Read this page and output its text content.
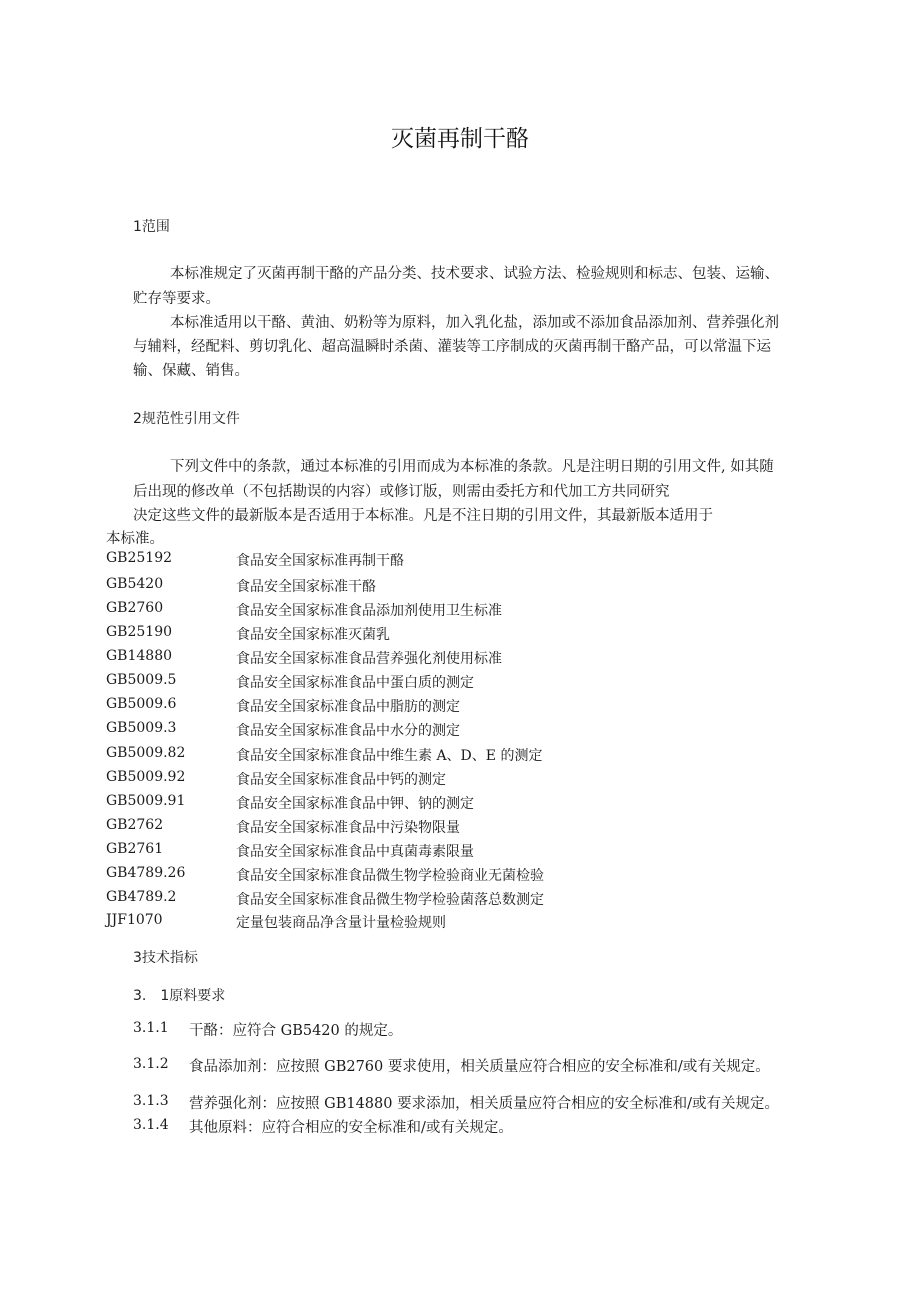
灭菌再制干酪
1范围
本标准规定了灭菌再制干酪的产品分类、技术要求、试验方法、检验规则和标志、包装、运输、
贮存等要求。
本标准适用以干酪、黄油、奶粉等为原料，加入乳化盐，添加或不添加食品添加剂、营养强化剂
与辅料，经配料、剪切乳化、超高温瞬时杀菌、灌装等工序制成的灭菌再制干酪产品，可以常温下运
输、保藏、销售。
2规范性引用文件
下列文件中的条款，通过本标准的引用而成为本标准的条款。凡是注明日期的引用文件, 如其随
后出现的修改单（不包括勘误的内容）或修订版，则需由委托方和代加工方共同研究
决定这些文件的最新版本是否适用于本标准。凡是不注日期的引用文件，其最新版本适用于
本标准。
GB25192	食品安全国家标准再制干酪
GB5420	食品安全国家标准干酪
GB2760	食品安全国家标准食品添加剂使用卫生标准
GB25190	食品安全国家标准灭菌乳
GB14880	食品安全国家标准食品营养强化剂使用标准
GB5009.5	食品安全国家标准食品中蛋白质的测定
GB5009.6	食品安全国家标准食品中脂肪的测定
GB5009.3	食品安全国家标准食品中水分的测定
GB5009.82	食品安全国家标准食品中维生素 A、D、E 的测定
GB5009.92	食品安全国家标准食品中钙的测定
GB5009.91	食品安全国家标准食品中钾、钠的测定
GB2762	食品安全国家标准食品中污染物限量
GB2761	食品安全国家标准食品中真菌毒素限量
GB4789.26	食品安全国家标准食品微生物学检验商业无菌检验
GB4789.2	食品安全国家标准食品微生物学检验菌落总数测定
JJF1070	定量包装商品净含量计量检验规则
3技术指标
3.　1原料要求
3.1.1 干酪：应符合 GB5420 的规定。
3.1.2 食品添加剂：应按照 GB2760 要求使用，相关质量应符合相应的安全标准和/或有关规定。
3.1.3 营养强化剂：应按照 GB14880 要求添加，相关质量应符合相应的安全标准和/或有关规定。
3.1.4 其他原料：应符合相应的安全标准和/或有关规定。
